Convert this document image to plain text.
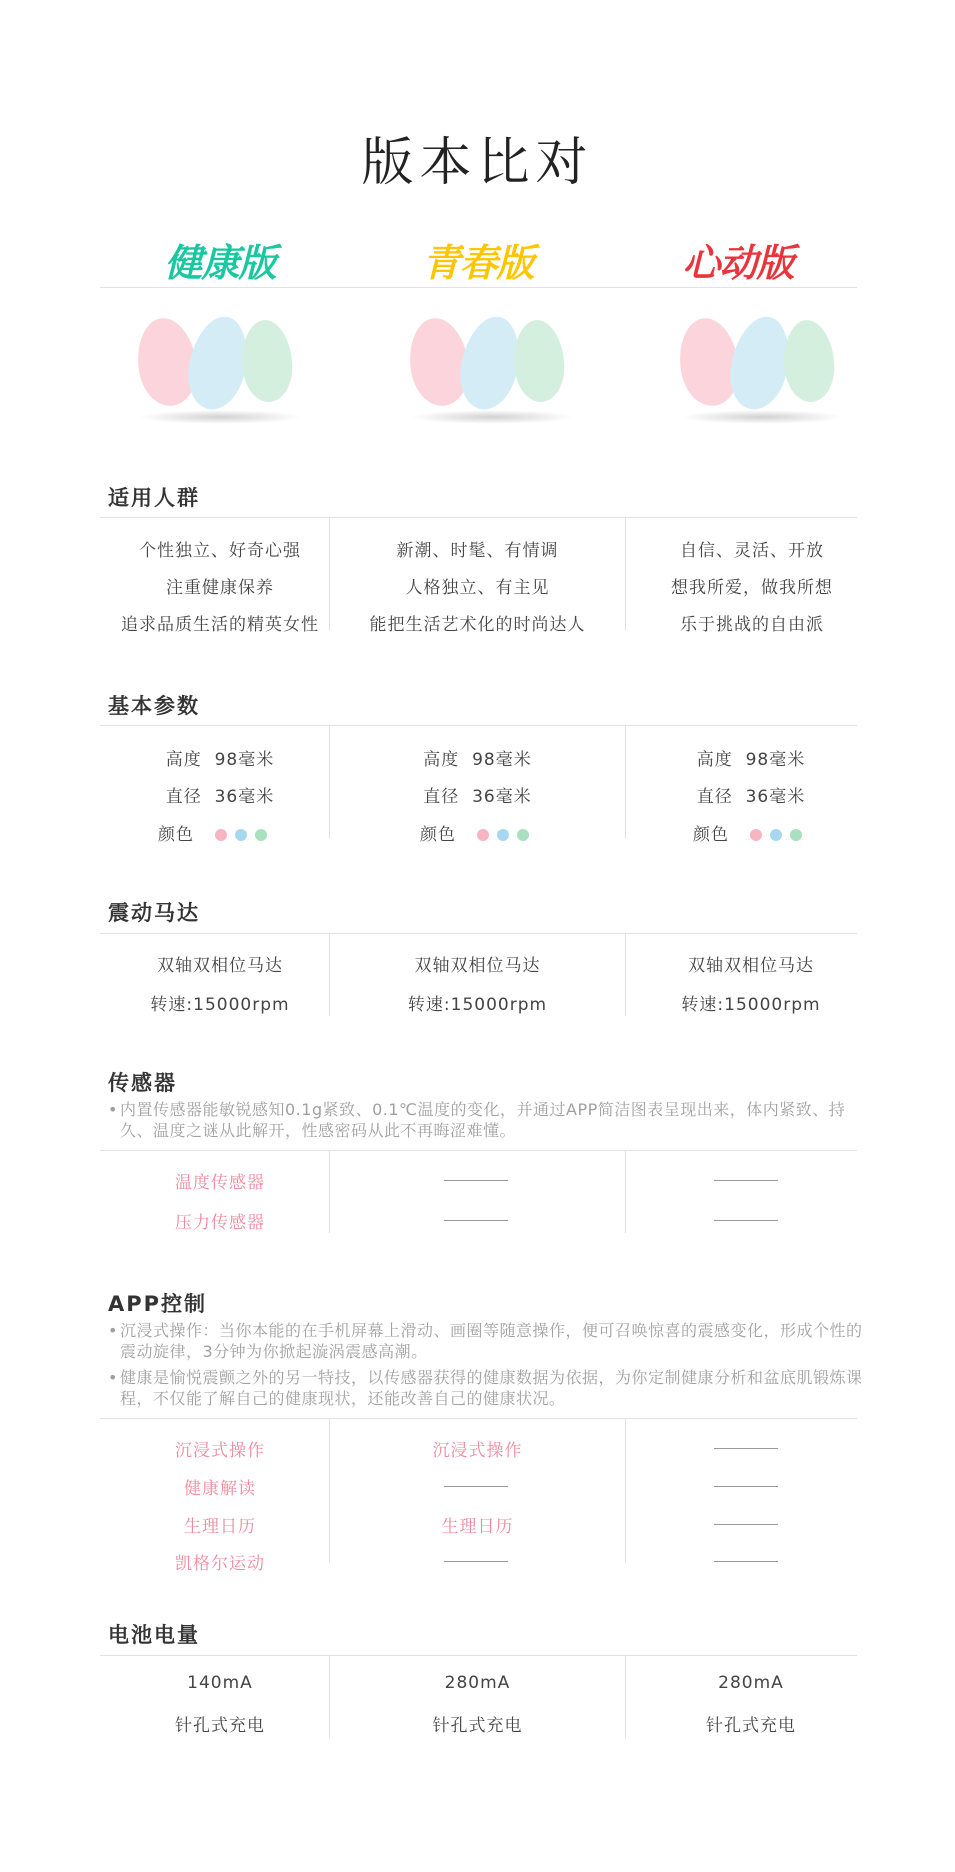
版本比对
健康版	青春版	心动版
适用人群
个性独立、好奇心强
注重健康保养
追求品质生活的精英女性
新潮、时髦、有情调
人格独立、有主见
能把生活艺术化的时尚达人
自信、灵活、开放
想我所爱，做我所想
乐于挑战的自由派
基本参数
高度 98毫米
直径 36毫米
颜色
高度 98毫米
直径 36毫米
颜色
高度 98毫米
直径 36毫米
颜色
震动马达
双轴双相位马达
转速:15000rpm
双轴双相位马达
转速:15000rpm
双轴双相位马达
转速:15000rpm
传感器
• 内置传感器能敏锐感知0.1g紧致、0.1℃温度的变化，并通过APP简洁图表呈现出来，体内紧致、持久、温度之谜从此解开，性感密码从此不再晦涩难懂。
温度传感器
压力传感器
APP控制
• 沉浸式操作：当你本能的在手机屏幕上滑动、画圈等随意操作，便可召唤惊喜的震感变化，形成个性的震动旋律，3分钟为你掀起漩涡震感高潮。
• 健康是愉悦震颤之外的另一特技，以传感器获得的健康数据为依据，为你定制健康分析和盆底肌锻炼课程，不仅能了解自己的健康现状，还能改善自己的健康状况。
沉浸式操作
健康解读
生理日历
凯格尔运动
沉浸式操作
生理日历
电池电量
140mA
针孔式充电
280mA
针孔式充电
280mA
针孔式充电
